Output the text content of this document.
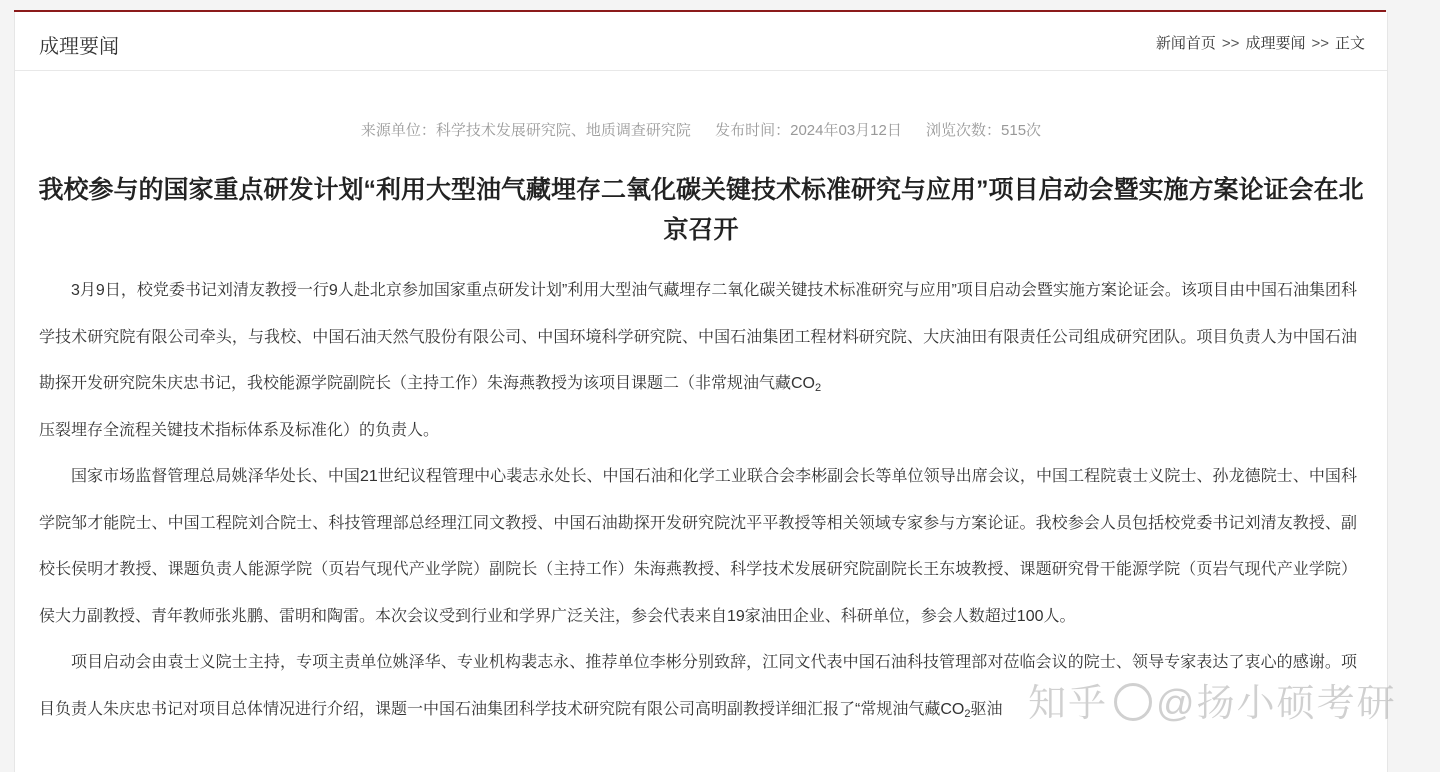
成理要闻	新闻首页 >> 成理要闻 >> 正文
来源单位：科学技术发展研究院、地质调查研究院 发布时间：2024年03月12日 浏览次数：515次
我校参与的国家重点研发计划“利用大型油气藏埋存二氧化碳关键技术标准研究与应用”项目启动会暨实施方案论证会在北京召开

3月9日，校党委书记刘清友教授一行9人赴北京参加国家重点研发计划”利用大型油气藏埋存二氧化碳关键技术标准研究与应用”项目启动会暨实施方案论证会。该项目由中国石油集团科学技术研究院有限公司牵头，与我校、中国石油天然气股份有限公司、中国环境科学研究院、中国石油集团工程材料研究院、大庆油田有限责任公司组成研究团队。项目负责人为中国石油勘探开发研究院朱庆忠书记，我校能源学院副院长（主持工作）朱海燕教授为该项目课题二（非常规油气藏$CO_2$
压裂埋存全流程关键技术指标体系及标准化）的负责人。

国家市场监督管理总局姚泽华处长、中国21世纪议程管理中心裴志永处长、中国石油和化学工业联合会李彬副会长等单位领导出席会议，中国工程院袁士义院士、孙龙德院士、中国科学院邹才能院士、中国工程院刘合院士、科技管理部总经理江同文教授、中国石油勘探开发研究院沈平平教授等相关领域专家参与方案论证。我校参会人员包括校党委书记刘清友教授、副校长侯明才教授、课题负责人能源学院（页岩气现代产业学院）副院长（主持工作）朱海燕教授、科学技术发展研究院副院长王东坡教授、课题研究骨干能源学院（页岩气现代产业学院）侯大力副教授、青年教师张兆鹏、雷明和陶雷。本次会议受到行业和学界广泛关注，参会代表来自19家油田企业、科研单位，参会人数超过100人。

项目启动会由袁士义院士主持，专项主责单位姚泽华、专业机构裴志永、推荐单位李彬分别致辞，江同文代表中国石油科技管理部对莅临会议的院士、领导专家表达了衷心的感谢。项目负责人朱庆忠书记对项目总体情况进行介绍，课题一中国石油集团科学技术研究院有限公司高明副教授详细汇报了“常规油气藏$CO_2$驱油 知乎 @扬小硕考研
